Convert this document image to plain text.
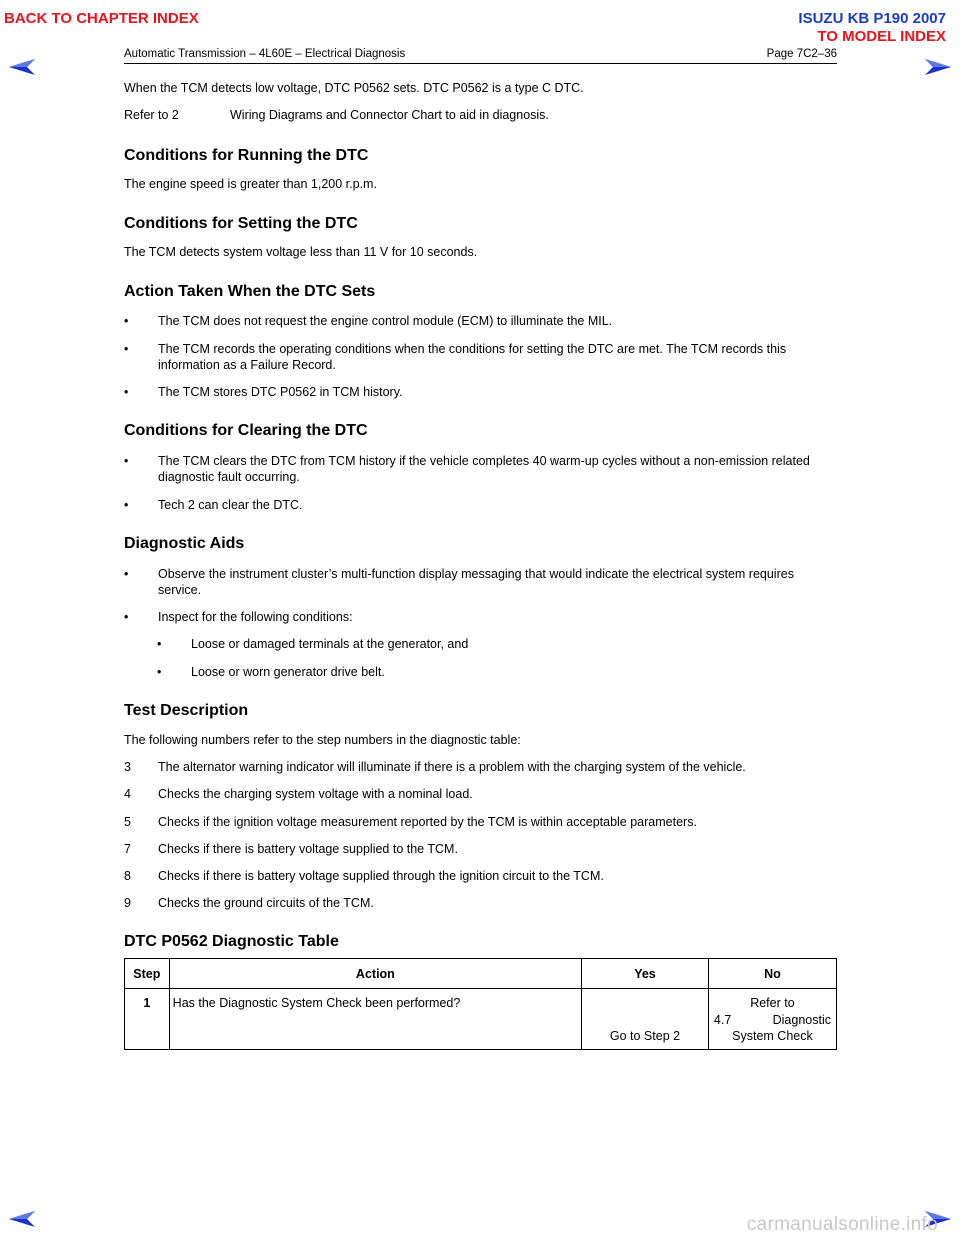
BACK TO CHAPTER INDEX	ISUZU KB P190 2007
TO MODEL INDEX
Automatic Transmission – 4L60E – Electrical Diagnosis	Page 7C2–36

When the TCM detects low voltage, DTC P0562 sets. DTC P0562 is a type C DTC.

Refer to 2	Wiring Diagrams and Connector Chart to aid in diagnosis.

Conditions for Running the DTC

The engine speed is greater than 1,200 r.p.m.

Conditions for Setting the DTC

The TCM detects system voltage less than 11 V for 10 seconds.

Action Taken When the DTC Sets
• The TCM does not request the engine control module (ECM) to illuminate the MIL.
• The TCM records the operating conditions when the conditions for setting the DTC are met. The TCM records this information as a Failure Record.
• The TCM stores DTC P0562 in TCM history.
Conditions for Clearing the DTC
• The TCM clears the DTC from TCM history if the vehicle completes 40 warm-up cycles without a non-emission related diagnostic fault occurring.
• Tech 2 can clear the DTC.
Diagnostic Aids
• Observe the instrument cluster’s multi-function display messaging that would indicate the electrical system requires service.
• Inspect for the following conditions:
• Loose or damaged terminals at the generator, and
• Loose or worn generator drive belt.
Test Description

The following numbers refer to the step numbers in the diagnostic table:

3 The alternator warning indicator will illuminate if there is a problem with the charging system of the vehicle.
4 Checks the charging system voltage with a nominal load.
5 Checks if the ignition voltage measurement reported by the TCM is within acceptable parameters.
7 Checks if there is battery voltage supplied to the TCM.
8 Checks if there is battery voltage supplied through the ignition circuit to the TCM.
9 Checks the ground circuits of the TCM.
DTC P0562 Diagnostic Table
Step	Action	Yes	No
1	Has the Diagnostic System Check been performed?	Go to Step 2	Refer to
4.7 Diagnostic
System Check
carmanualsonline.info
